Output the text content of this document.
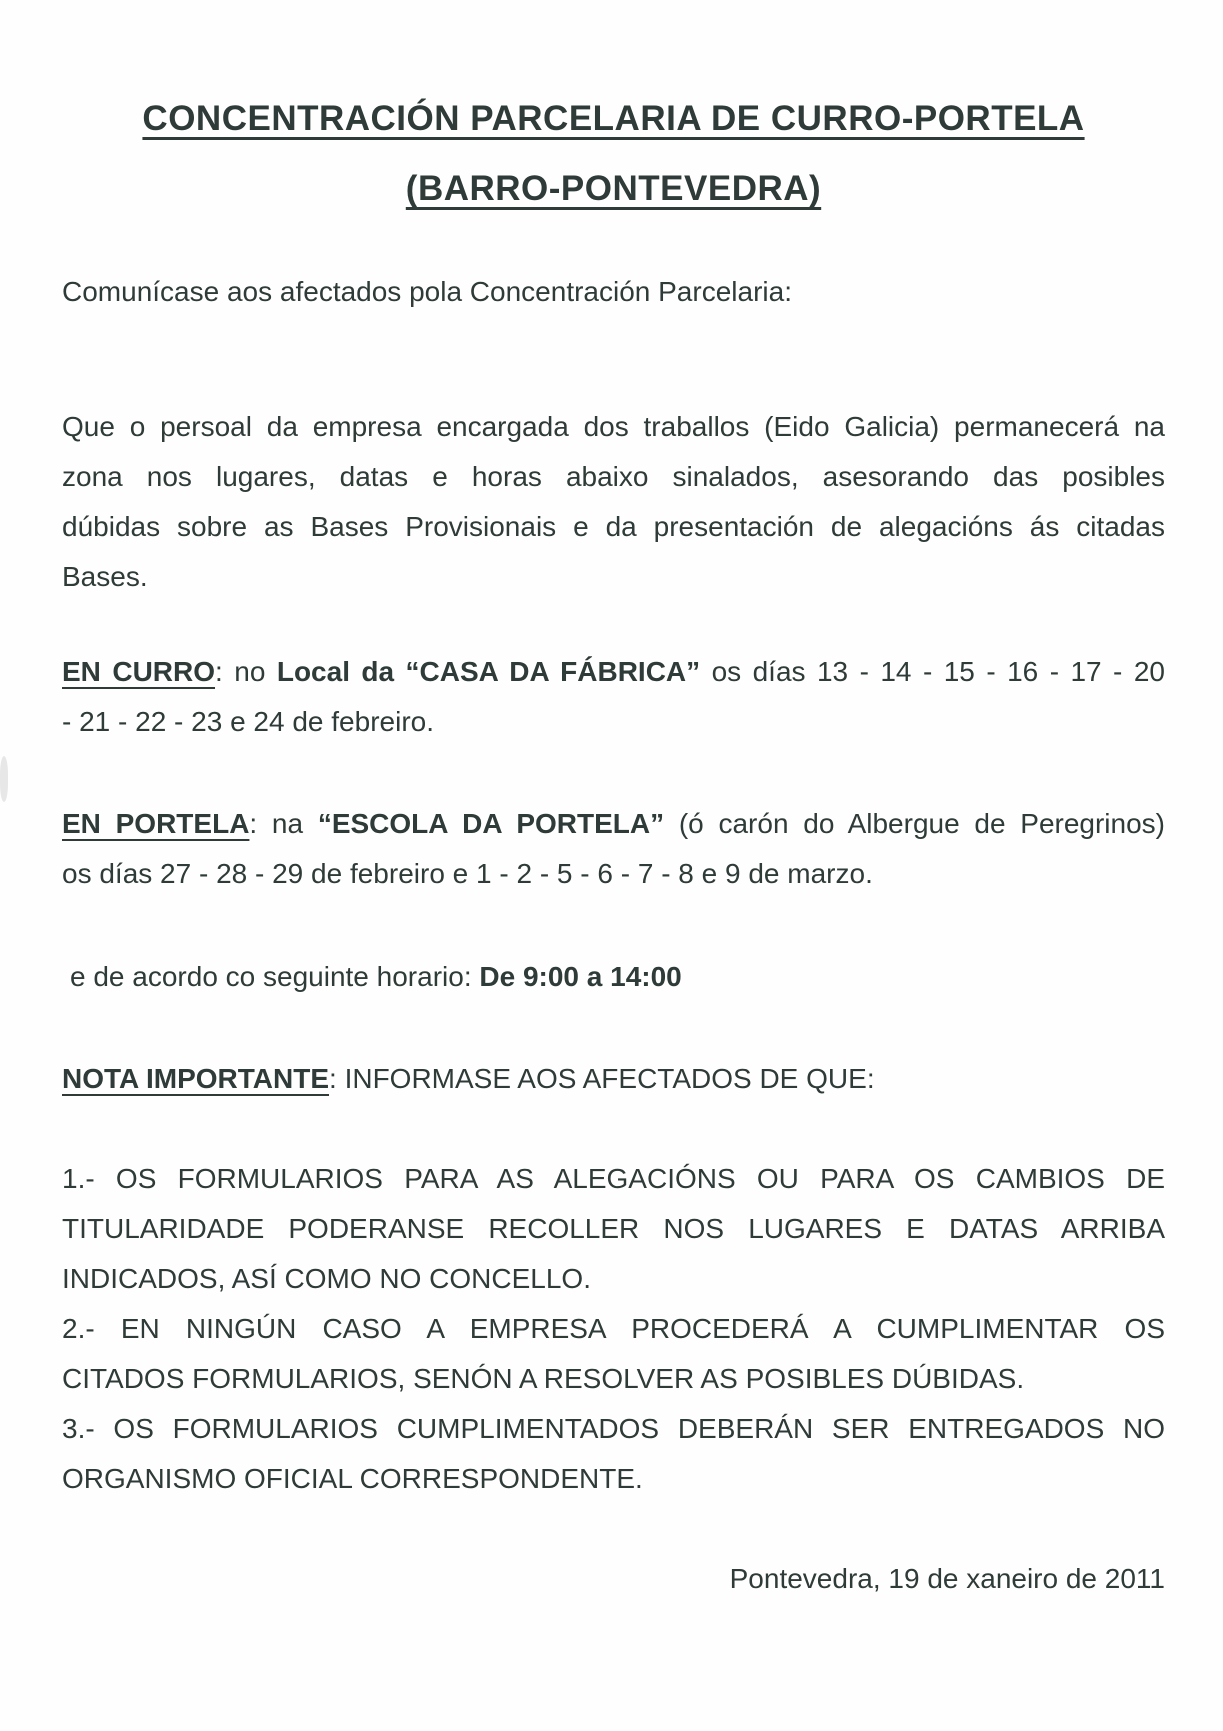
CONCENTRACIÓN PARCELARIA DE CURRO-PORTELA
(BARRO-PONTEVEDRA)
Comunícase aos afectados pola Concentración Parcelaria:
Que o persoal da empresa encargada dos traballos (Eido Galicia) permanecerá na
zona nos lugares, datas e horas abaixo sinalados, asesorando das posibles
dúbidas sobre as Bases Provisionais e da presentación de alegacións ás citadas
Bases.
EN CURRO: no Local da “CASA DA FÁBRICA” os días 13 - 14 - 15 - 16 - 17 - 20
- 21 - 22 - 23 e 24 de febreiro.
EN PORTELA: na “ESCOLA DA PORTELA” (ó carón do Albergue de Peregrinos)
os días 27 - 28 - 29 de febreiro e 1 - 2 - 5 - 6 - 7 - 8 e 9 de marzo.
e de acordo co seguinte horario: De 9:00 a 14:00
NOTA IMPORTANTE: INFORMASE AOS AFECTADOS DE QUE:

1.- OS FORMULARIOS PARA AS ALEGACIÓNS OU PARA OS CAMBIOS DE
TITULARIDADE PODERANSE RECOLLER NOS LUGARES E DATAS ARRIBA
INDICADOS, ASÍ COMO NO CONCELLO.

2.- EN NINGÚN CASO A EMPRESA PROCEDERÁ A CUMPLIMENTAR OS
CITADOS FORMULARIOS, SENÓN A RESOLVER AS POSIBLES DÚBIDAS.

3.- OS FORMULARIOS CUMPLIMENTADOS DEBERÁN SER ENTREGADOS NO
ORGANISMO OFICIAL CORRESPONDENTE.

Pontevedra, 19 de xaneiro de 2011
